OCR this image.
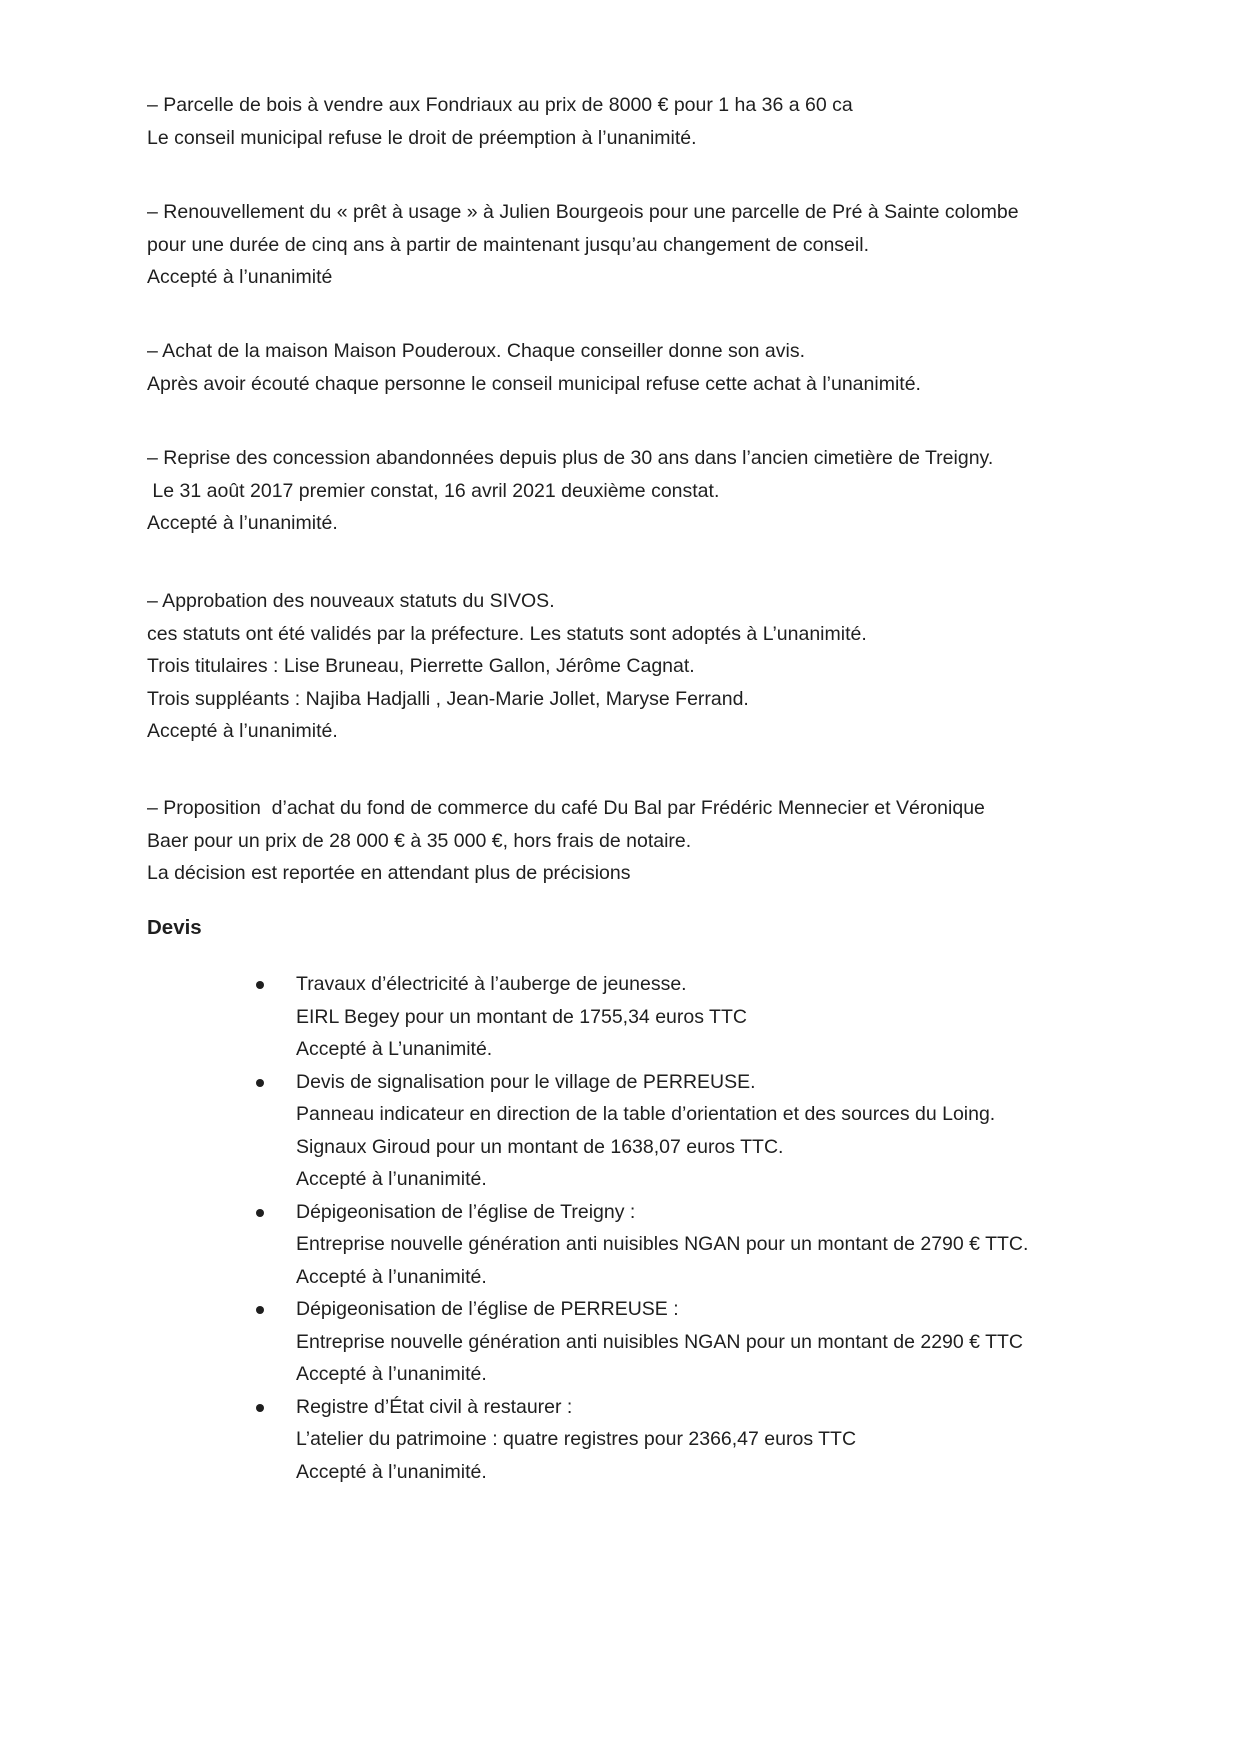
– Parcelle de bois à vendre aux Fondriaux au prix de 8000 € pour 1 ha 36 a 60 ca
Le conseil municipal refuse le droit de préemption à l’unanimité.
– Renouvellement du « prêt à usage » à Julien Bourgeois pour une parcelle de Pré à Sainte colombe
pour une durée de cinq ans à partir de maintenant jusqu’au changement de conseil.
Accepté à l’unanimité
– Achat de la maison Maison Pouderoux. Chaque conseiller donne son avis.
Après avoir écouté chaque personne le conseil municipal refuse cette achat à l’unanimité.
– Reprise des concession abandonnées depuis plus de 30 ans dans l’ancien cimetière de Treigny.
Le 31 août 2017 premier constat, 16 avril 2021 deuxième constat.
Accepté à l’unanimité.
– Approbation des nouveaux statuts du SIVOS.
ces statuts ont été validés par la préfecture. Les statuts sont adoptés à L’unanimité.
Trois titulaires : Lise Bruneau, Pierrette Gallon, Jérôme Cagnat.
Trois suppléants : Najiba Hadjalli , Jean-Marie Jollet, Maryse Ferrand.
Accepté à l’unanimité.
– Proposition  d’achat du fond de commerce du café Du Bal par Frédéric Mennecier et Véronique
Baer pour un prix de 28 000 € à 35 000 €, hors frais de notaire.
La décision est reportée en attendant plus de précisions
Devis
Travaux d’électricité à l’auberge de jeunesse.
EIRL Begey pour un montant de 1755,34 euros TTC
Accepté à L’unanimité.
Devis de signalisation pour le village de PERREUSE.
Panneau indicateur en direction de la table d’orientation et des sources du Loing.
Signaux Giroud pour un montant de 1638,07 euros TTC.
Accepté à l’unanimité.
Dépigeonisation de l’église de Treigny :
Entreprise nouvelle génération anti nuisibles NGAN pour un montant de 2790 € TTC.
Accepté à l’unanimité.
Dépigeonisation de l’église de PERREUSE :
Entreprise nouvelle génération anti nuisibles NGAN pour un montant de 2290 € TTC
Accepté à l’unanimité.
Registre d’État civil à restaurer :
L’atelier du patrimoine : quatre registres pour 2366,47 euros TTC
Accepté à l’unanimité.
